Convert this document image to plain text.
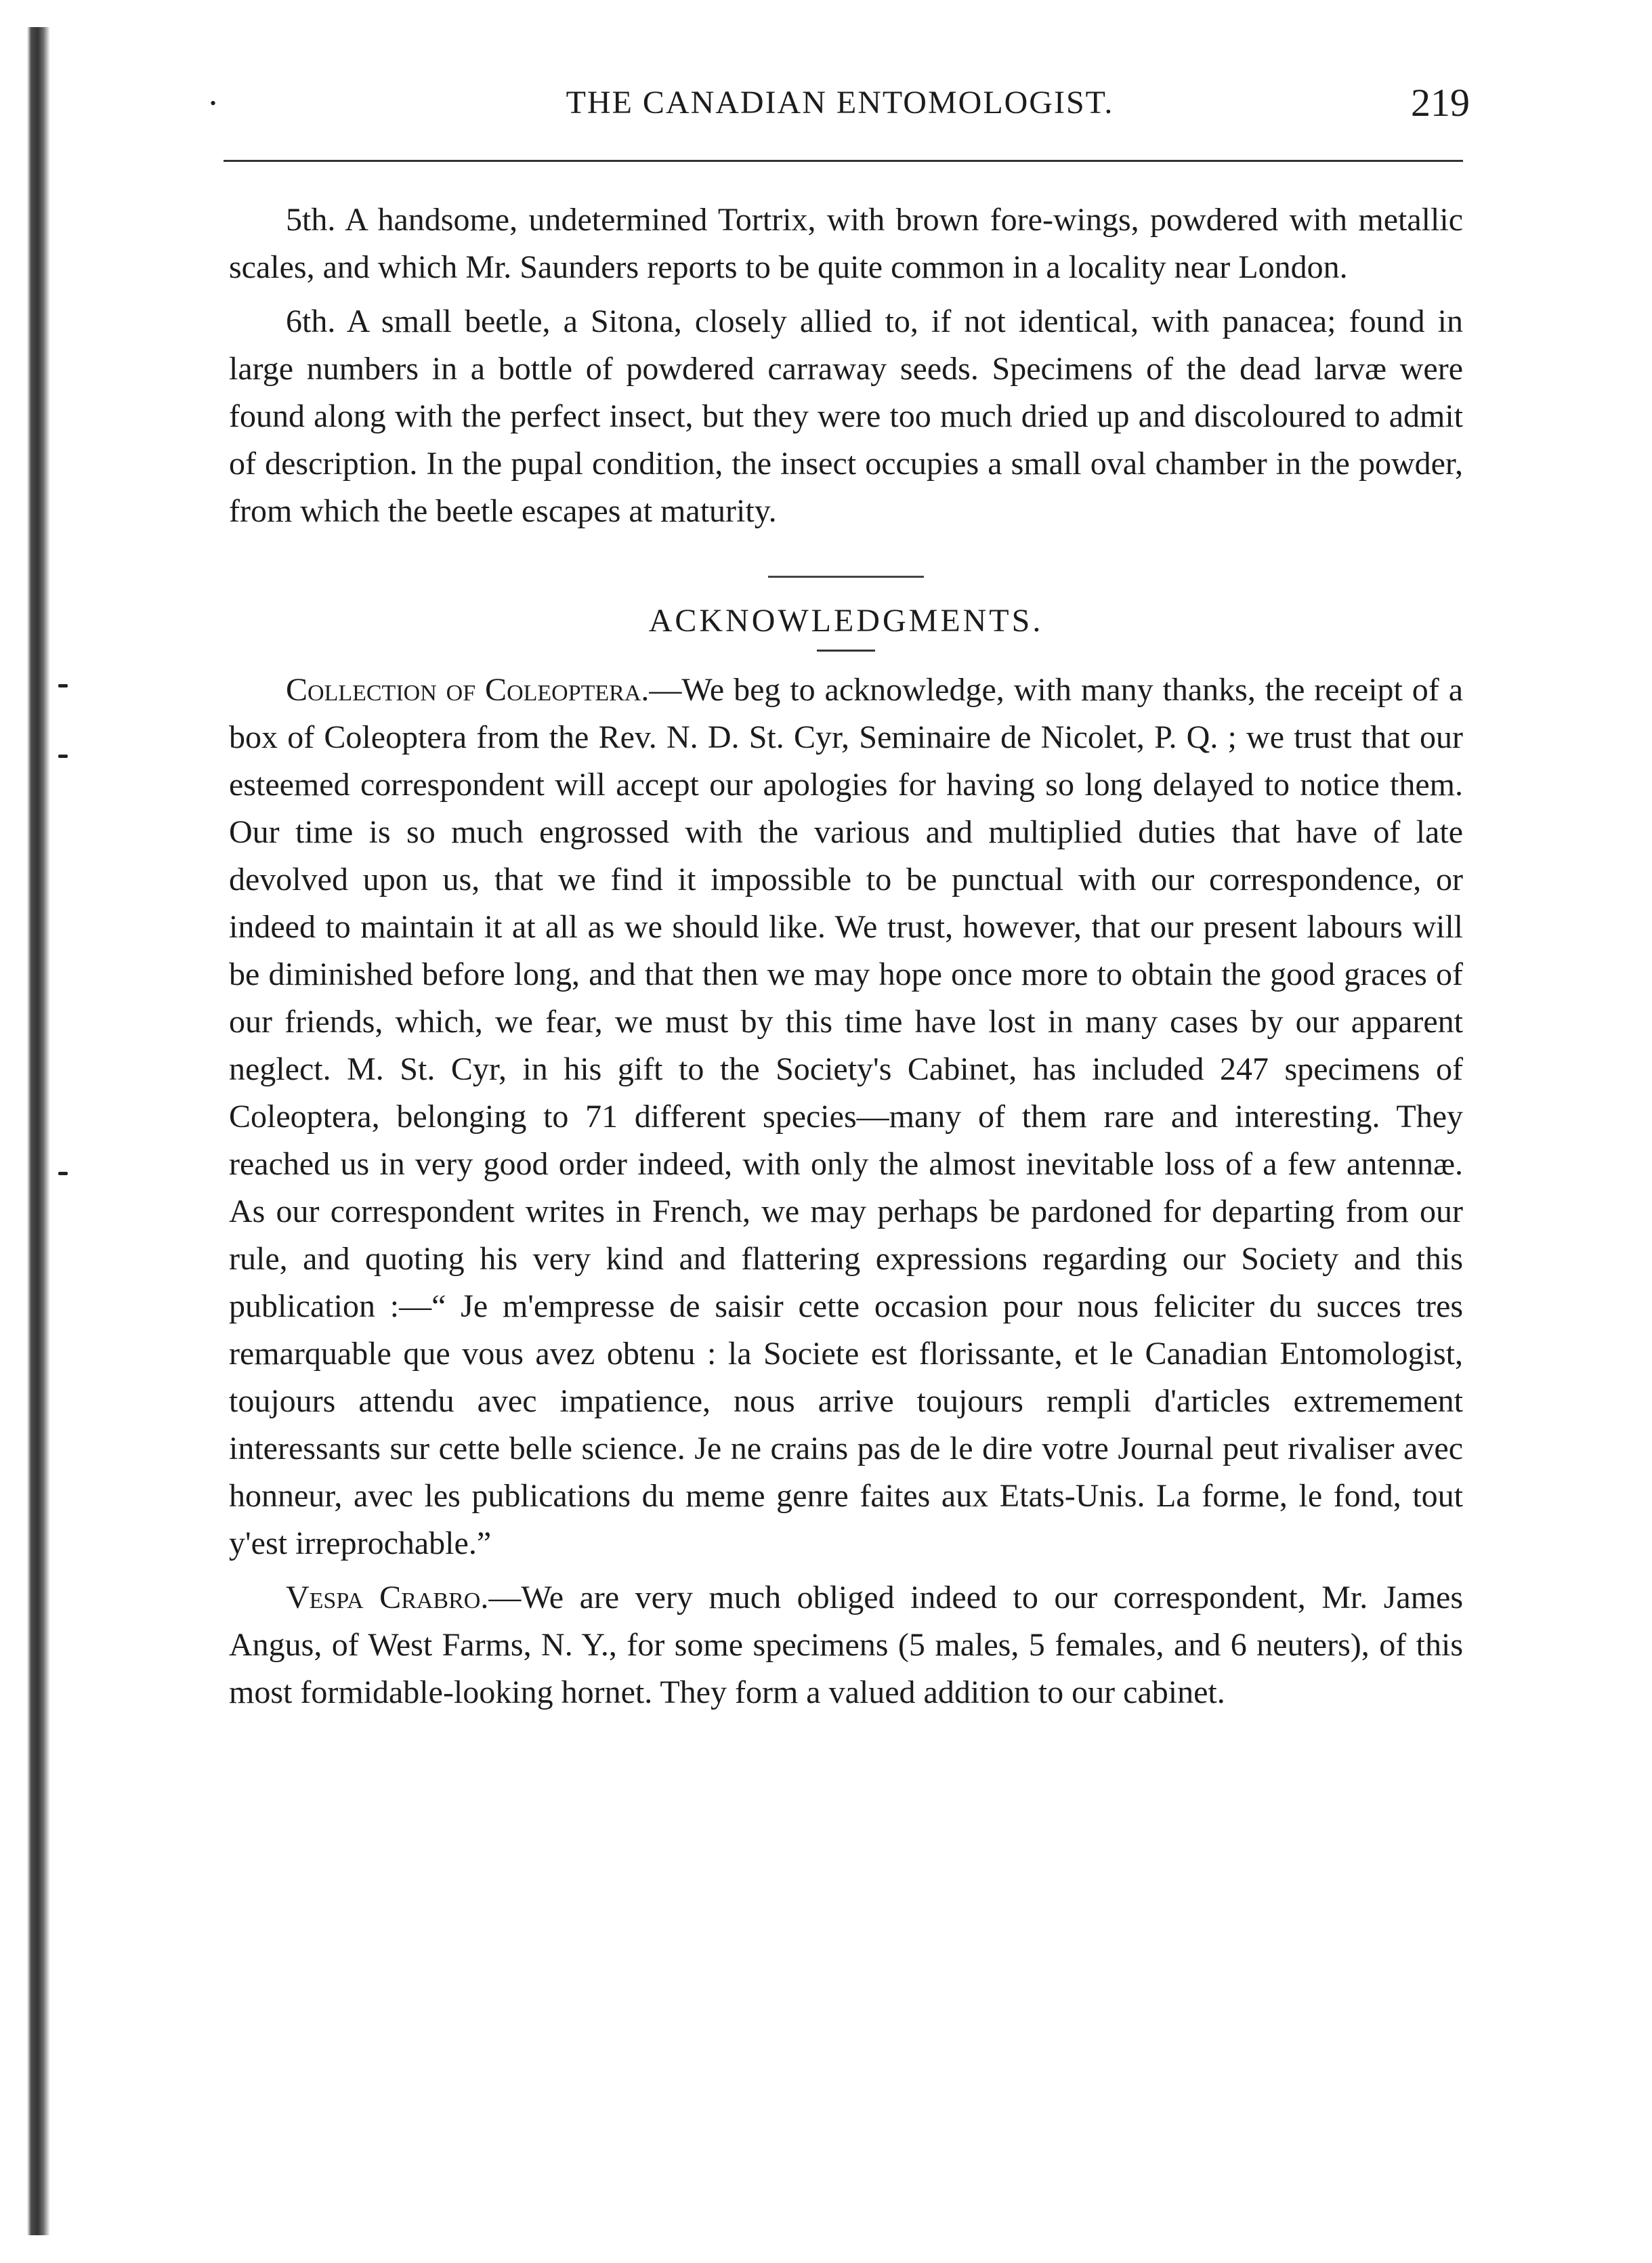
•	THE CANADIAN ENTOMOLOGIST.	219

5th. A handsome, undetermined Tortrix, with brown fore-wings, powdered with metallic scales, and which Mr. Saunders reports to be quite common in a locality near London.

6th. A small beetle, a Sitona, closely allied to, if not identical, with panacea; found in large numbers in a bottle of powdered carraway seeds. Specimens of the dead larvæ were found along with the perfect insect, but they were too much dried up and discoloured to admit of description. In the pupal condition, the insect occupies a small oval chamber in the powder, from which the beetle escapes at maturity.

ACKNOWLEDGMENTS.

Collection of Coleoptera.—We beg to acknowledge, with many thanks, the receipt of a box of Coleoptera from the Rev. N. D. St. Cyr, Seminaire de Nicolet, P. Q. ; we trust that our esteemed correspondent will accept our apologies for having so long delayed to notice them. Our time is so much engrossed with the various and multiplied duties that have of late devolved upon us, that we find it impossible to be punctual with our correspondence, or indeed to maintain it at all as we should like. We trust, however, that our present labours will be diminished before long, and that then we may hope once more to obtain the good graces of our friends, which, we fear, we must by this time have lost in many cases by our apparent neglect. M. St. Cyr, in his gift to the Society's Cabinet, has included 247 specimens of Coleoptera, belonging to 71 different species—many of them rare and interesting. They reached us in very good order indeed, with only the almost inevitable loss of a few antennæ. As our correspondent writes in French, we may perhaps be pardoned for departing from our rule, and quoting his very kind and flattering expressions regarding our Society and this publication :—“ Je m'empresse de saisir cette occasion pour nous feliciter du succes tres remarquable que vous avez obtenu : la Societe est florissante, et le Canadian Entomologist, toujours attendu avec impatience, nous arrive toujours rempli d'articles extremement interessants sur cette belle science. Je ne crains pas de le dire votre Journal peut rivaliser avec honneur, avec les publications du meme genre faites aux Etats-Unis. La forme, le fond, tout y'est irreprochable.”

Vespa Crabro.—We are very much obliged indeed to our correspondent, Mr. James Angus, of West Farms, N. Y., for some specimens (5 males, 5 females, and 6 neuters), of this most formidable-looking hornet. They form a valued addition to our cabinet.
